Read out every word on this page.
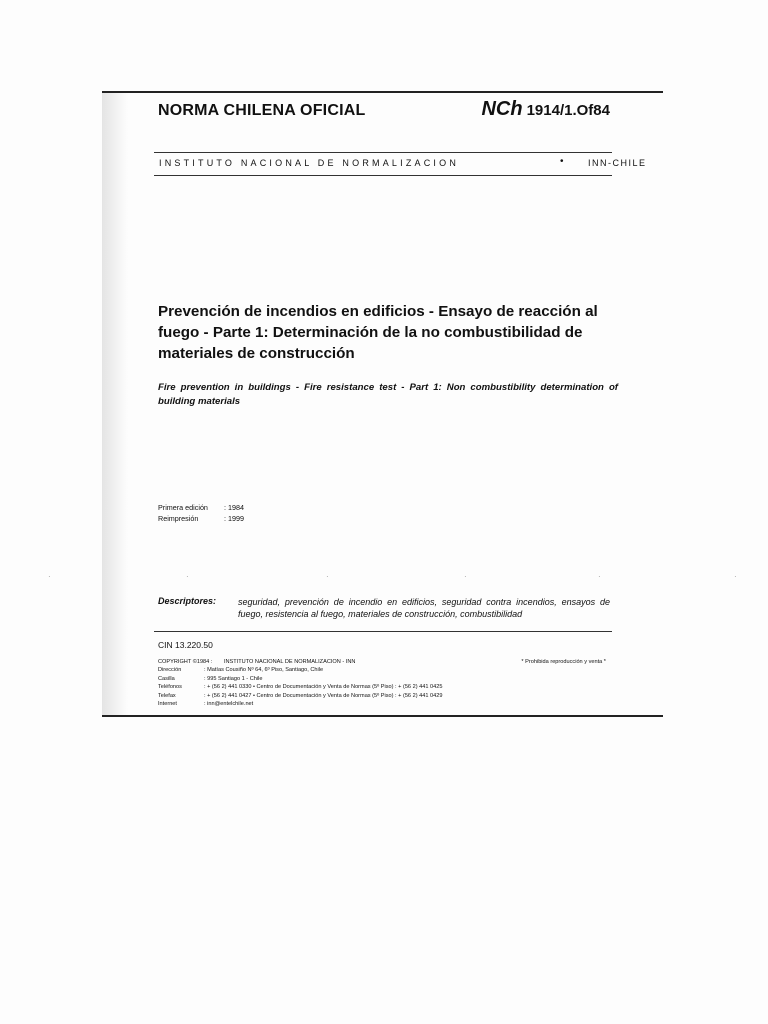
NORMA CHILENA OFICIAL	NCh 1914/1.Of84
INSTITUTO NACIONAL DE NORMALIZACION	•	INN-CHILE

Prevención de incendios en edificios - Ensayo de reacción al fuego - Parte 1: Determinación de la no combustibilidad de materiales de construcción

Fire prevention in buildings - Fire resistance test - Part 1: Non combustibility determination of building materials

Primera edición : 1984
Reimpresión	: 1999
Descriptores: seguridad, prevención de incendio en edificios, seguridad contra incendios, ensayos de fuego, resistencia al fuego, materiales de construcción, combustibilidad

CIN 13.220.50
COPYRIGHT ©1984 : INSTITUTO NACIONAL DE NORMALIZACION - INN	* Prohibida reproducción y venta *
Dirección	: Matías Cousiño Nº 64, 6º Piso, Santiago, Chile
Casilla	: 995 Santiago 1 - Chile
Teléfonos	: + (56 2) 441 0330 • Centro de Documentación y Venta de Normas (5º Piso) : + (56 2) 441 0425
Telefax	: + (56 2) 441 0427 • Centro de Documentación y Venta de Normas (5º Piso) : + (56 2) 441 0429
Internet	: inn@entelchile.net
·	·	·	·
·	·
